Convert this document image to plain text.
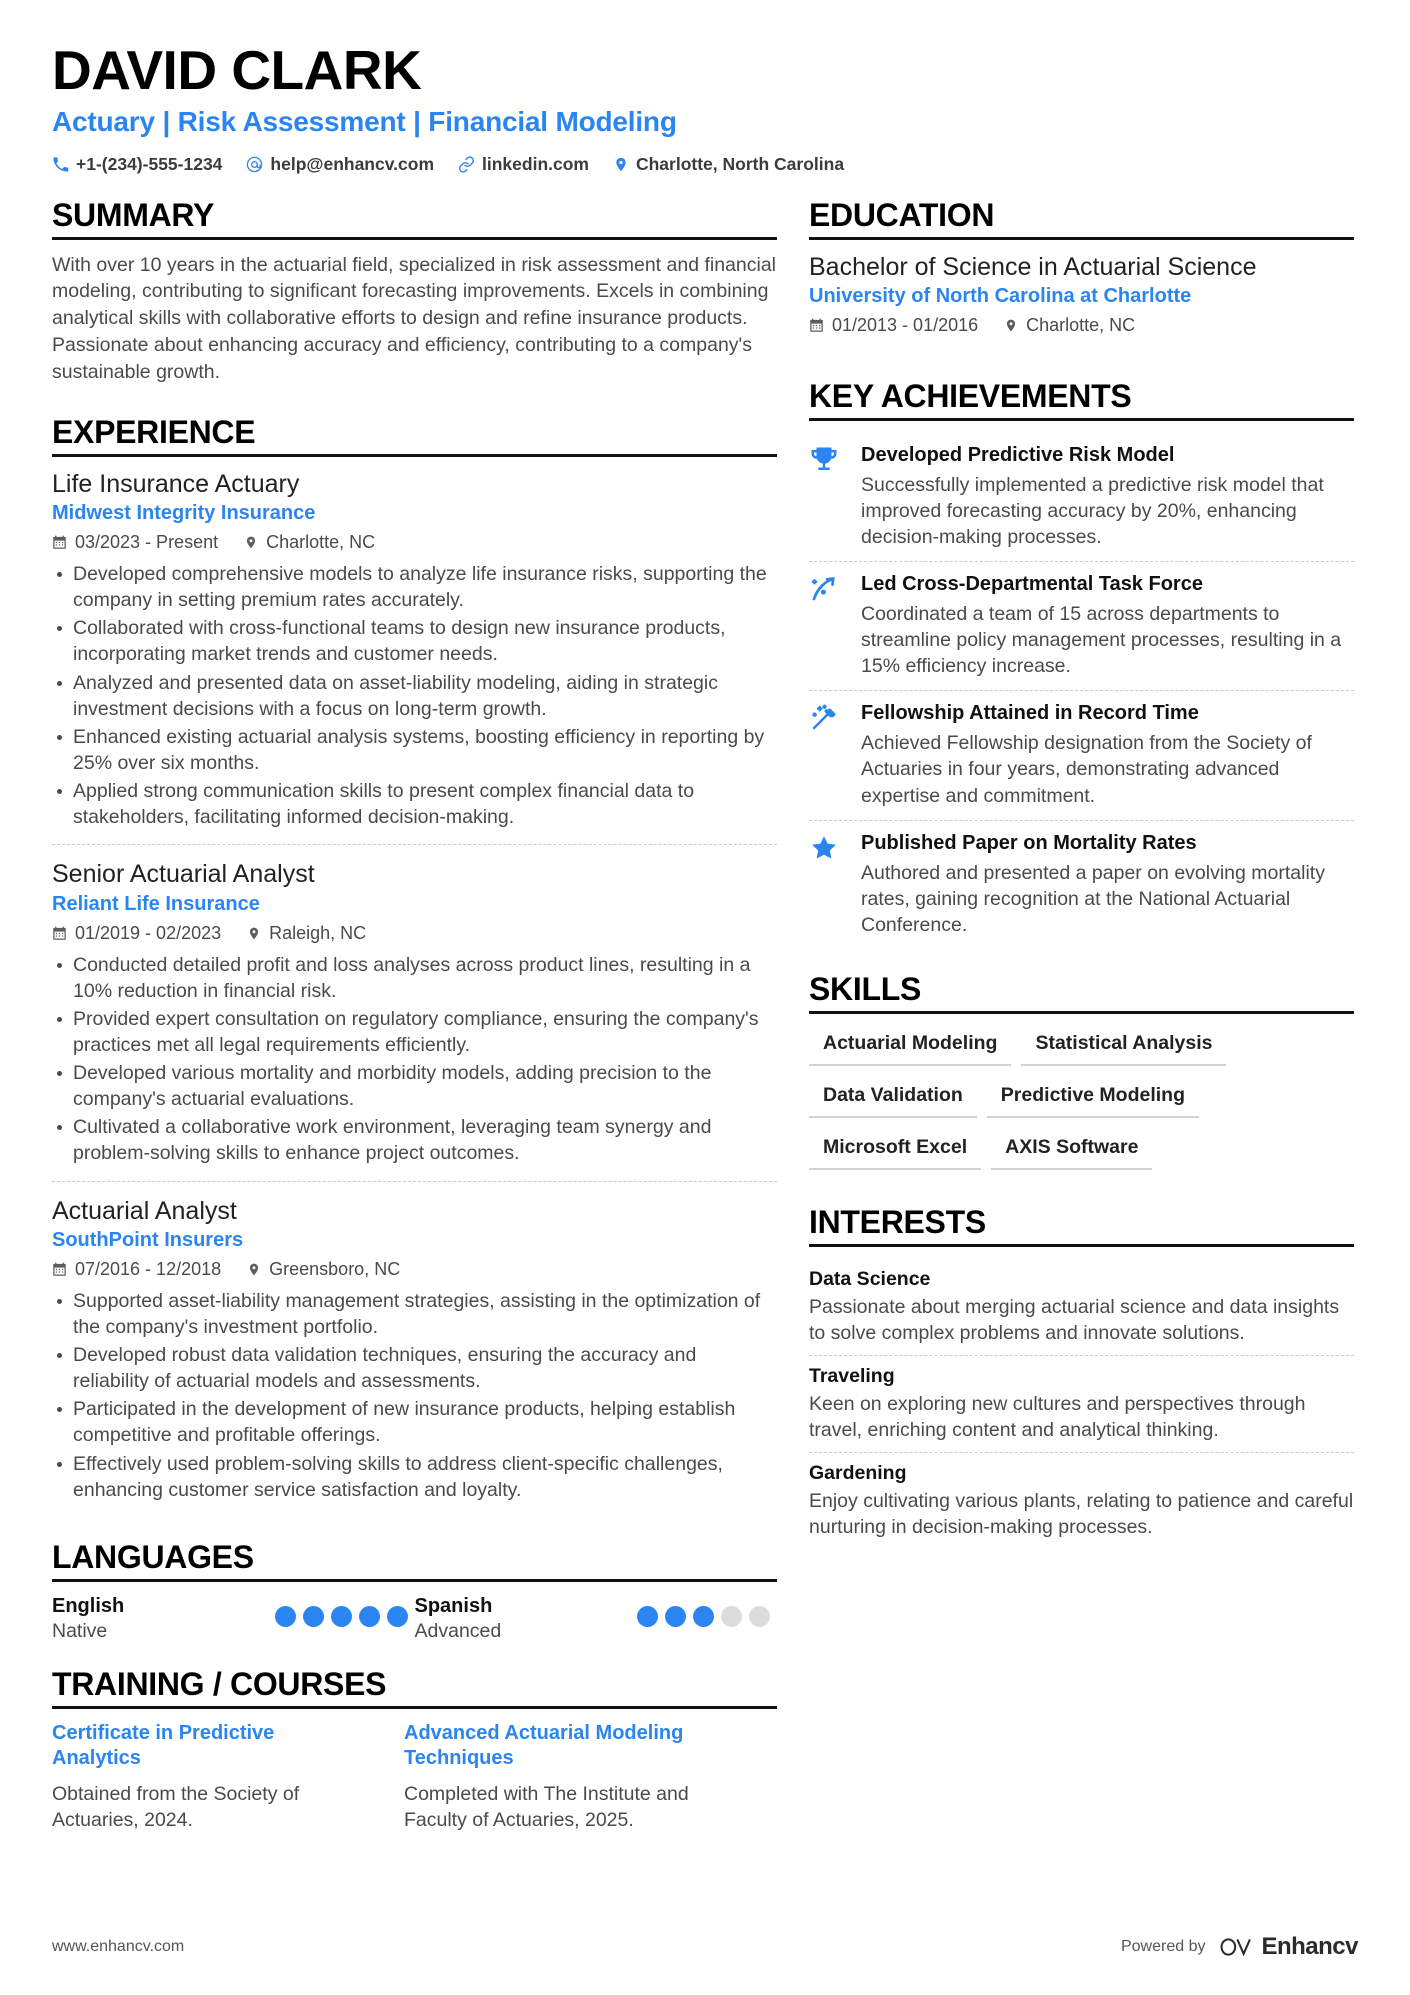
DAVID CLARK
Actuary | Risk Assessment | Financial Modeling
+1-(234)-555-1234	help@enhancv.com	linkedin.com	Charlotte, North Carolina
SUMMARY
With over 10 years in the actuarial field, specialized in risk assessment and financial modeling, contributing to significant forecasting improvements. Excels in combining analytical skills with collaborative efforts to design and refine insurance products. Passionate about enhancing accuracy and efficiency, contributing to a company's sustainable growth.
EXPERIENCE
Life Insurance Actuary
Midwest Integrity Insurance
03/2023 - Present	Charlotte, NC
Developed comprehensive models to analyze life insurance risks, supporting the company in setting premium rates accurately.
Collaborated with cross-functional teams to design new insurance products, incorporating market trends and customer needs.
Analyzed and presented data on asset-liability modeling, aiding in strategic investment decisions with a focus on long-term growth.
Enhanced existing actuarial analysis systems, boosting efficiency in reporting by 25% over six months.
Applied strong communication skills to present complex financial data to stakeholders, facilitating informed decision-making.
Senior Actuarial Analyst
Reliant Life Insurance
01/2019 - 02/2023	Raleigh, NC
Conducted detailed profit and loss analyses across product lines, resulting in a 10% reduction in financial risk.
Provided expert consultation on regulatory compliance, ensuring the company's practices met all legal requirements efficiently.
Developed various mortality and morbidity models, adding precision to the company's actuarial evaluations.
Cultivated a collaborative work environment, leveraging team synergy and problem-solving skills to enhance project outcomes.
Actuarial Analyst
SouthPoint Insurers
07/2016 - 12/2018	Greensboro, NC
Supported asset-liability management strategies, assisting in the optimization of the company's investment portfolio.
Developed robust data validation techniques, ensuring the accuracy and reliability of actuarial models and assessments.
Participated in the development of new insurance products, helping establish competitive and profitable offerings.
Effectively used problem-solving skills to address client-specific challenges, enhancing customer service satisfaction and loyalty.
LANGUAGES
English
Native
Spanish
Advanced
TRAINING / COURSES
Certificate in Predictive Analytics
Obtained from the Society of Actuaries, 2024.
Advanced Actuarial Modeling Techniques
Completed with The Institute and Faculty of Actuaries, 2025.
EDUCATION
Bachelor of Science in Actuarial Science
University of North Carolina at Charlotte
01/2013 - 01/2016	Charlotte, NC
KEY ACHIEVEMENTS
Developed Predictive Risk Model
Successfully implemented a predictive risk model that improved forecasting accuracy by 20%, enhancing decision-making processes.
Led Cross-Departmental Task Force
Coordinated a team of 15 across departments to streamline policy management processes, resulting in a 15% efficiency increase.
Fellowship Attained in Record Time
Achieved Fellowship designation from the Society of Actuaries in four years, demonstrating advanced expertise and commitment.
Published Paper on Mortality Rates
Authored and presented a paper on evolving mortality rates, gaining recognition at the National Actuarial Conference.
SKILLS
Actuarial Modeling	Statistical Analysis
Data Validation	Predictive Modeling
Microsoft Excel	AXIS Software
INTERESTS
Data Science
Passionate about merging actuarial science and data insights to solve complex problems and innovate solutions.
Traveling
Keen on exploring new cultures and perspectives through travel, enriching content and analytical thinking.
Gardening
Enjoy cultivating various plants, relating to patience and careful nurturing in decision-making processes.
www.enhancv.com	Powered by Enhancv
